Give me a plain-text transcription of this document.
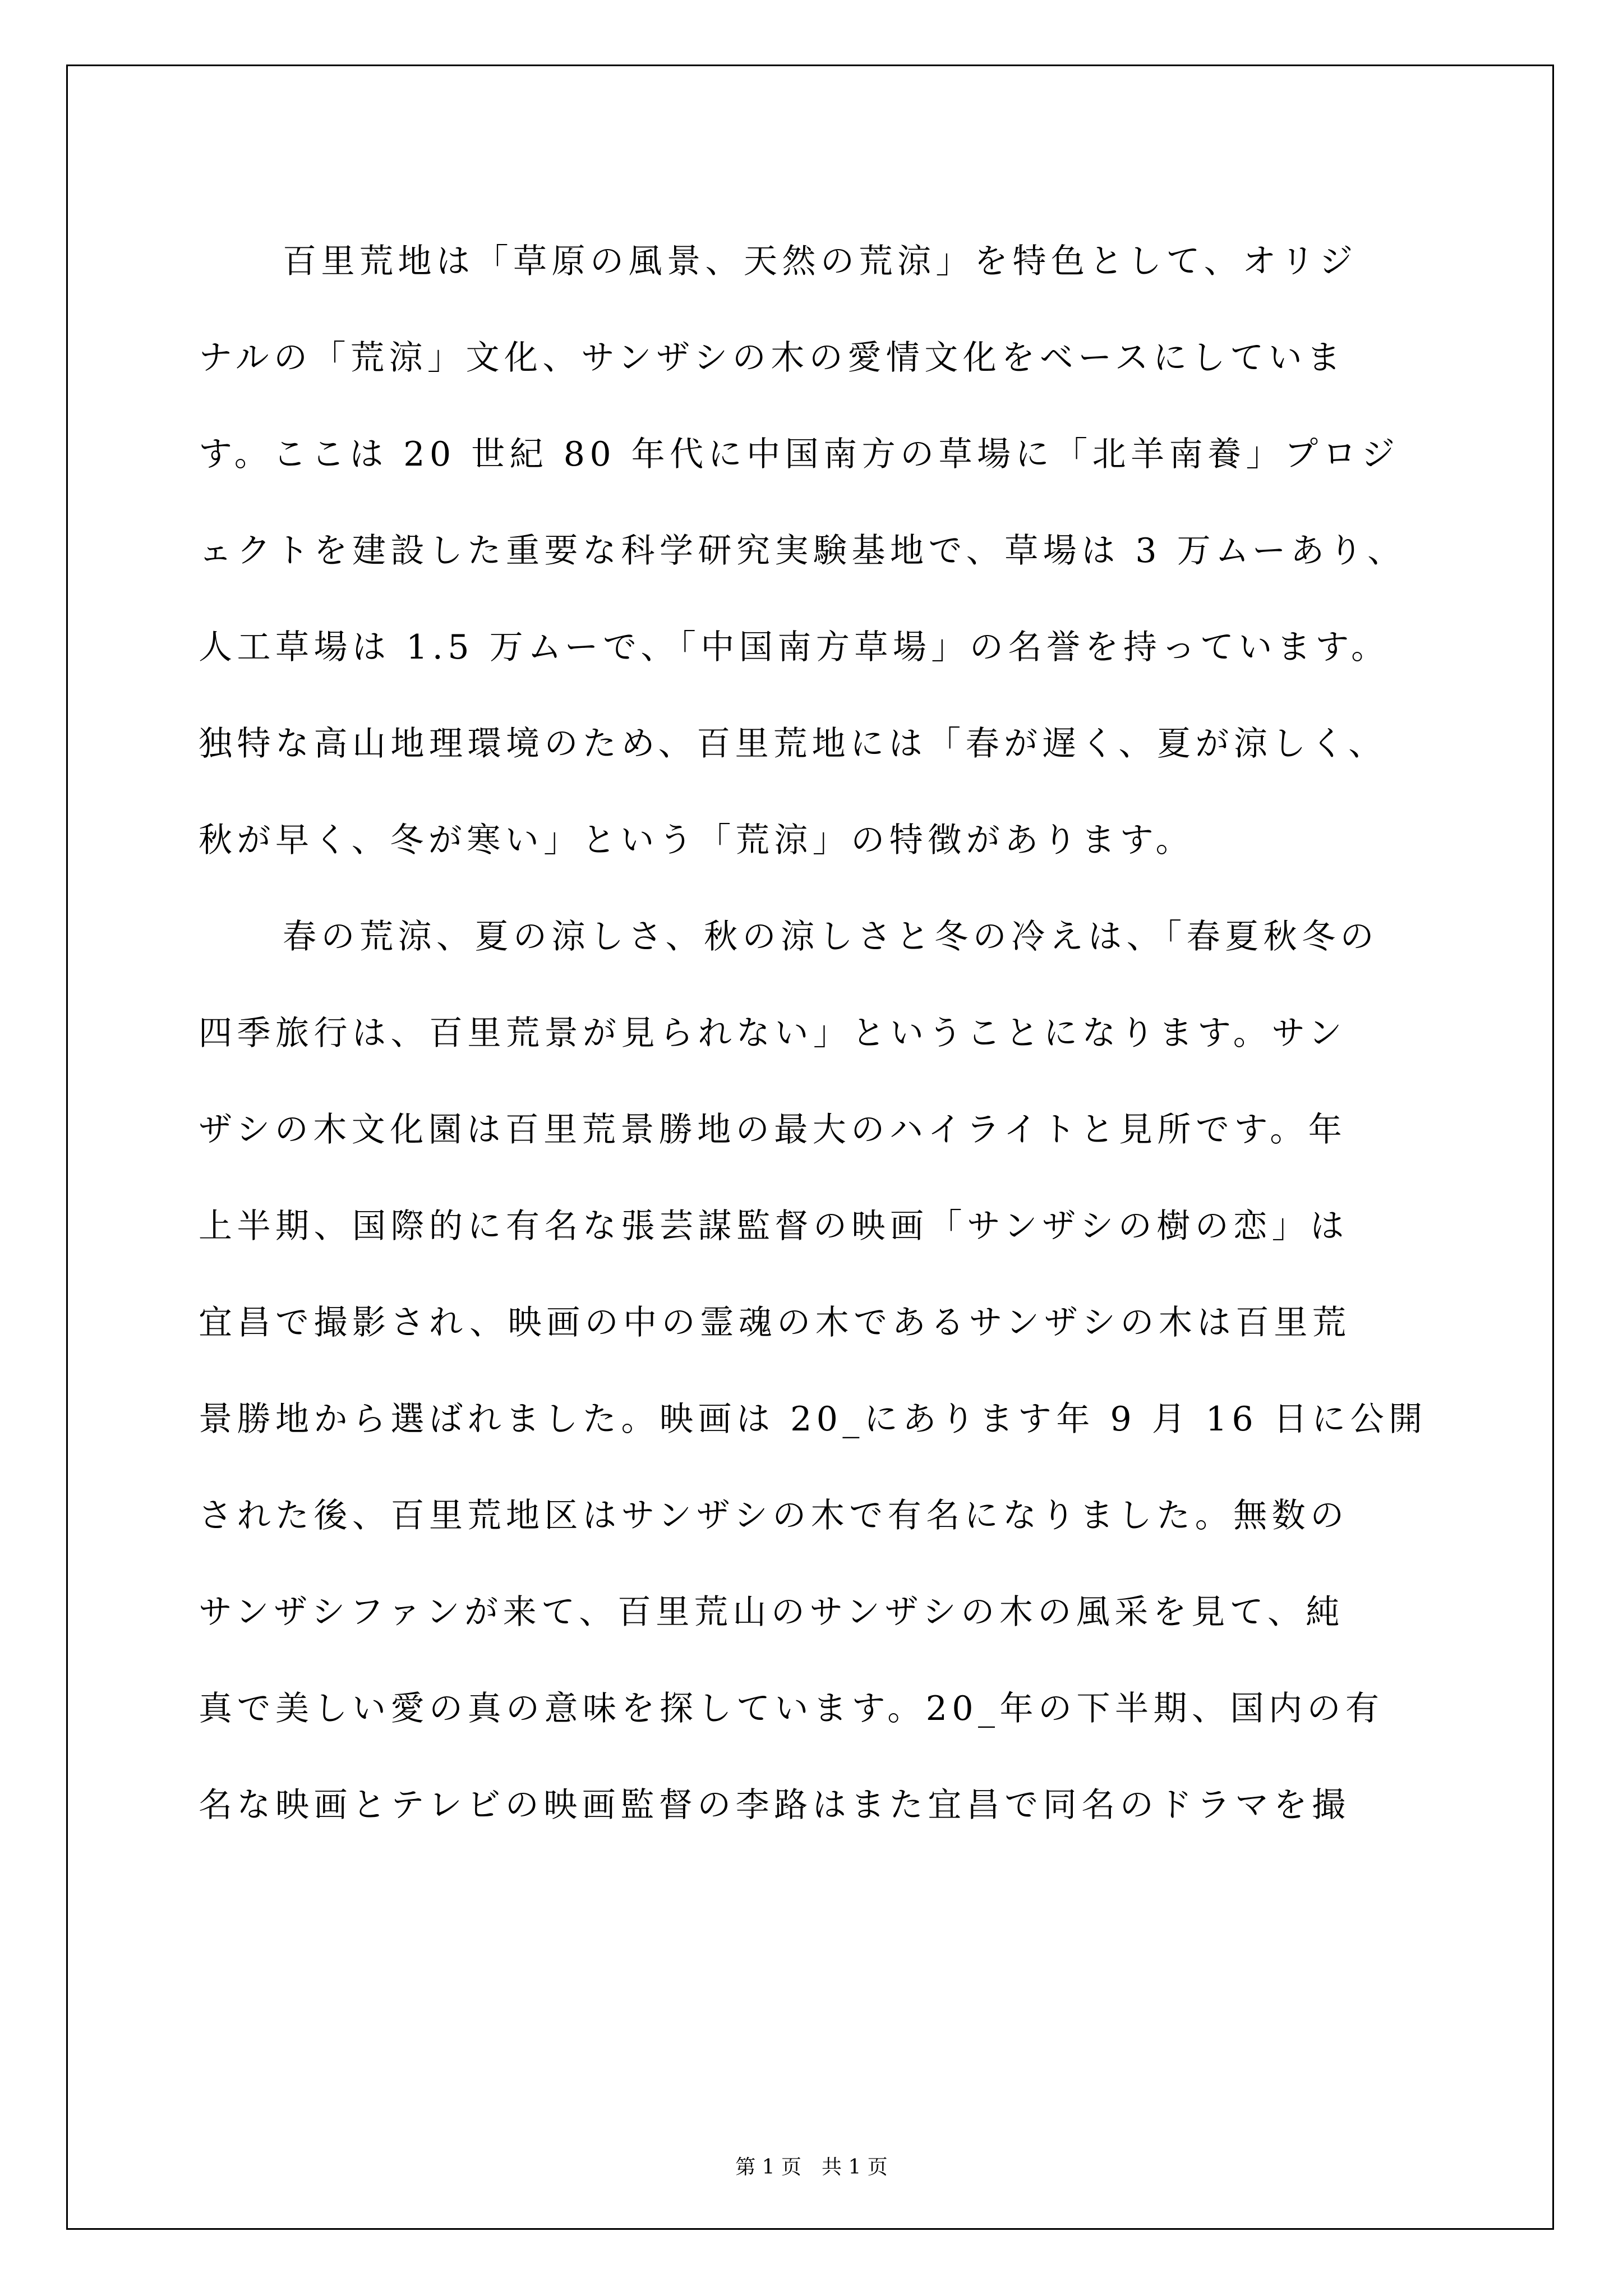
百里荒地は「草原の風景、天然の荒涼」を特色として、オリジ
ナルの「荒涼」文化、サンザシの木の愛情文化をベースにしていま
す。ここは 20 世紀 80 年代に中国南方の草場に「北羊南養」プロジ
ェクトを建設した重要な科学研究実験基地で、草場は 3 万ムーあり、
人工草場は 1.5 万ムーで、「中国南方草場」の名誉を持っています。
独特な高山地理環境のため、百里荒地には「春が遅く、夏が涼しく、
秋が早く、冬が寒い」という「荒涼」の特徴があります。
春の荒涼、夏の涼しさ、秋の涼しさと冬の冷えは、「春夏秋冬の
四季旅行は、百里荒景が見られない」ということになります。サン
ザシの木文化園は百里荒景勝地の最大のハイライトと見所です。年
上半期、国際的に有名な張芸謀監督の映画「サンザシの樹の恋」は
宜昌で撮影され、映画の中の霊魂の木であるサンザシの木は百里荒
景勝地から選ばれました。映画は 20_にあります年 9 月 16 日に公開
された後、百里荒地区はサンザシの木で有名になりました。無数の
サンザシファンが来て、百里荒山のサンザシの木の風采を見て、純
真で美しい愛の真の意味を探しています。20_年の下半期、国内の有
名な映画とテレビの映画監督の李路はまた宜昌で同名のドラマを撮
第 1 页　共 1 页
